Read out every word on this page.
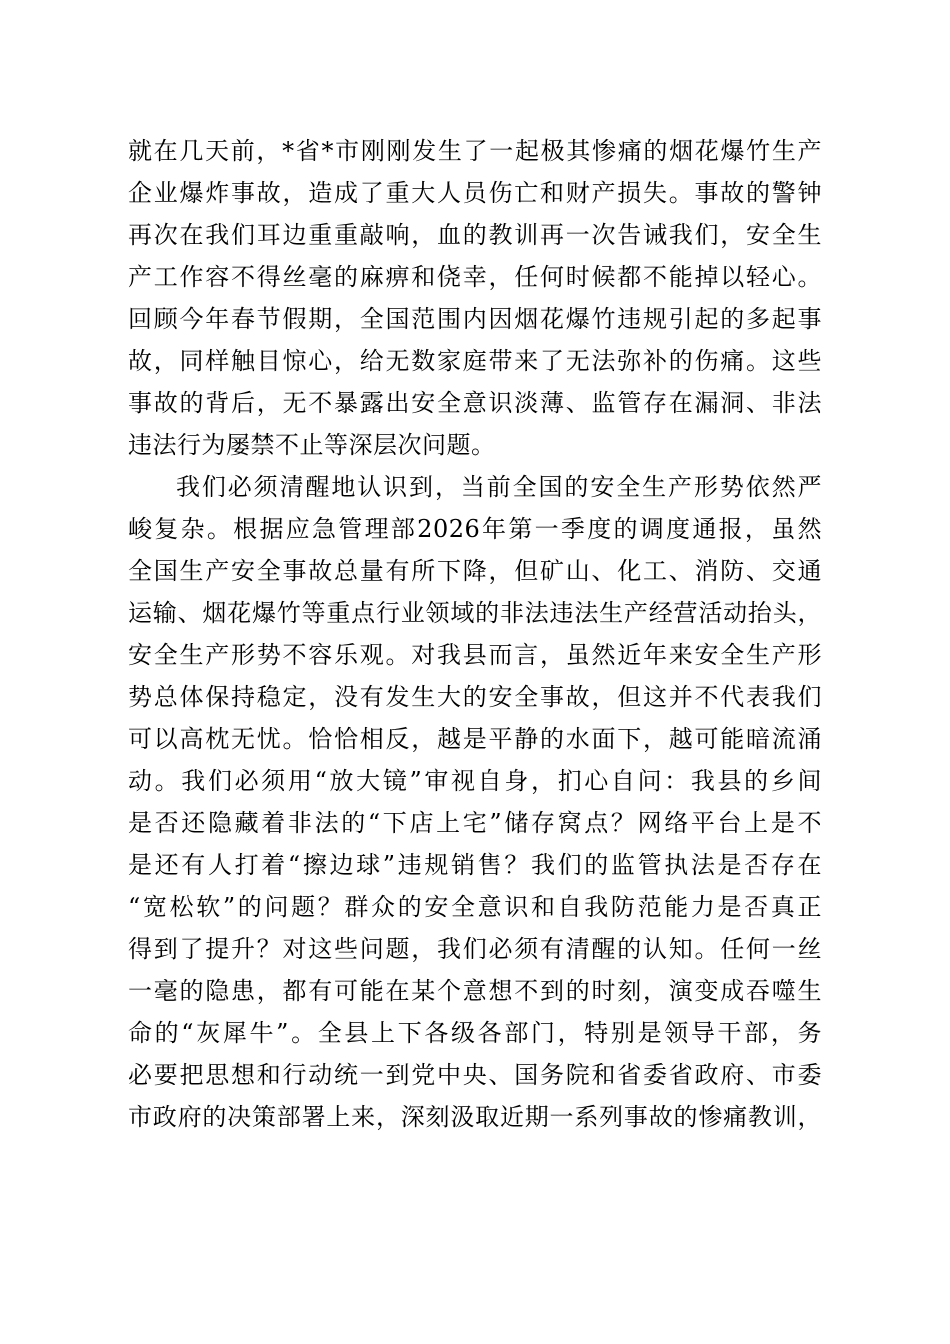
就在几天前，*省*市刚刚发生了一起极其惨痛的烟花爆竹生产
企业爆炸事故，造成了重大人员伤亡和财产损失。事故的警钟
再次在我们耳边重重敲响，血的教训再一次告诫我们，安全生
产工作容不得丝毫的麻痹和侥幸，任何时候都不能掉以轻心。
回顾今年春节假期，全国范围内因烟花爆竹违规引起的多起事
故，同样触目惊心，给无数家庭带来了无法弥补的伤痛。这些
事故的背后，无不暴露出安全意识淡薄、监管存在漏洞、非法
违法行为屡禁不止等深层次问题。
我们必须清醒地认识到，当前全国的安全生产形势依然严
峻复杂。根据应急管理部2026年第一季度的调度通报，虽然
全国生产安全事故总量有所下降，但矿山、化工、消防、交通
运输、烟花爆竹等重点行业领域的非法违法生产经营活动抬头，
安全生产形势不容乐观。对我县而言，虽然近年来安全生产形
势总体保持稳定，没有发生大的安全事故，但这并不代表我们
可以高枕无忧。恰恰相反，越是平静的水面下，越可能暗流涌
动。我们必须用“放大镜”审视自身，扪心自问：我县的乡间
是否还隐藏着非法的“下店上宅”储存窝点？网络平台上是不
是还有人打着“擦边球”违规销售？我们的监管执法是否存在
“宽松软”的问题？群众的安全意识和自我防范能力是否真正
得到了提升？对这些问题，我们必须有清醒的认知。任何一丝
一毫的隐患，都有可能在某个意想不到的时刻，演变成吞噬生
命的“灰犀牛”。全县上下各级各部门，特别是领导干部，务
必要把思想和行动统一到党中央、国务院和省委省政府、市委
市政府的决策部署上来，深刻汲取近期一系列事故的惨痛教训，
